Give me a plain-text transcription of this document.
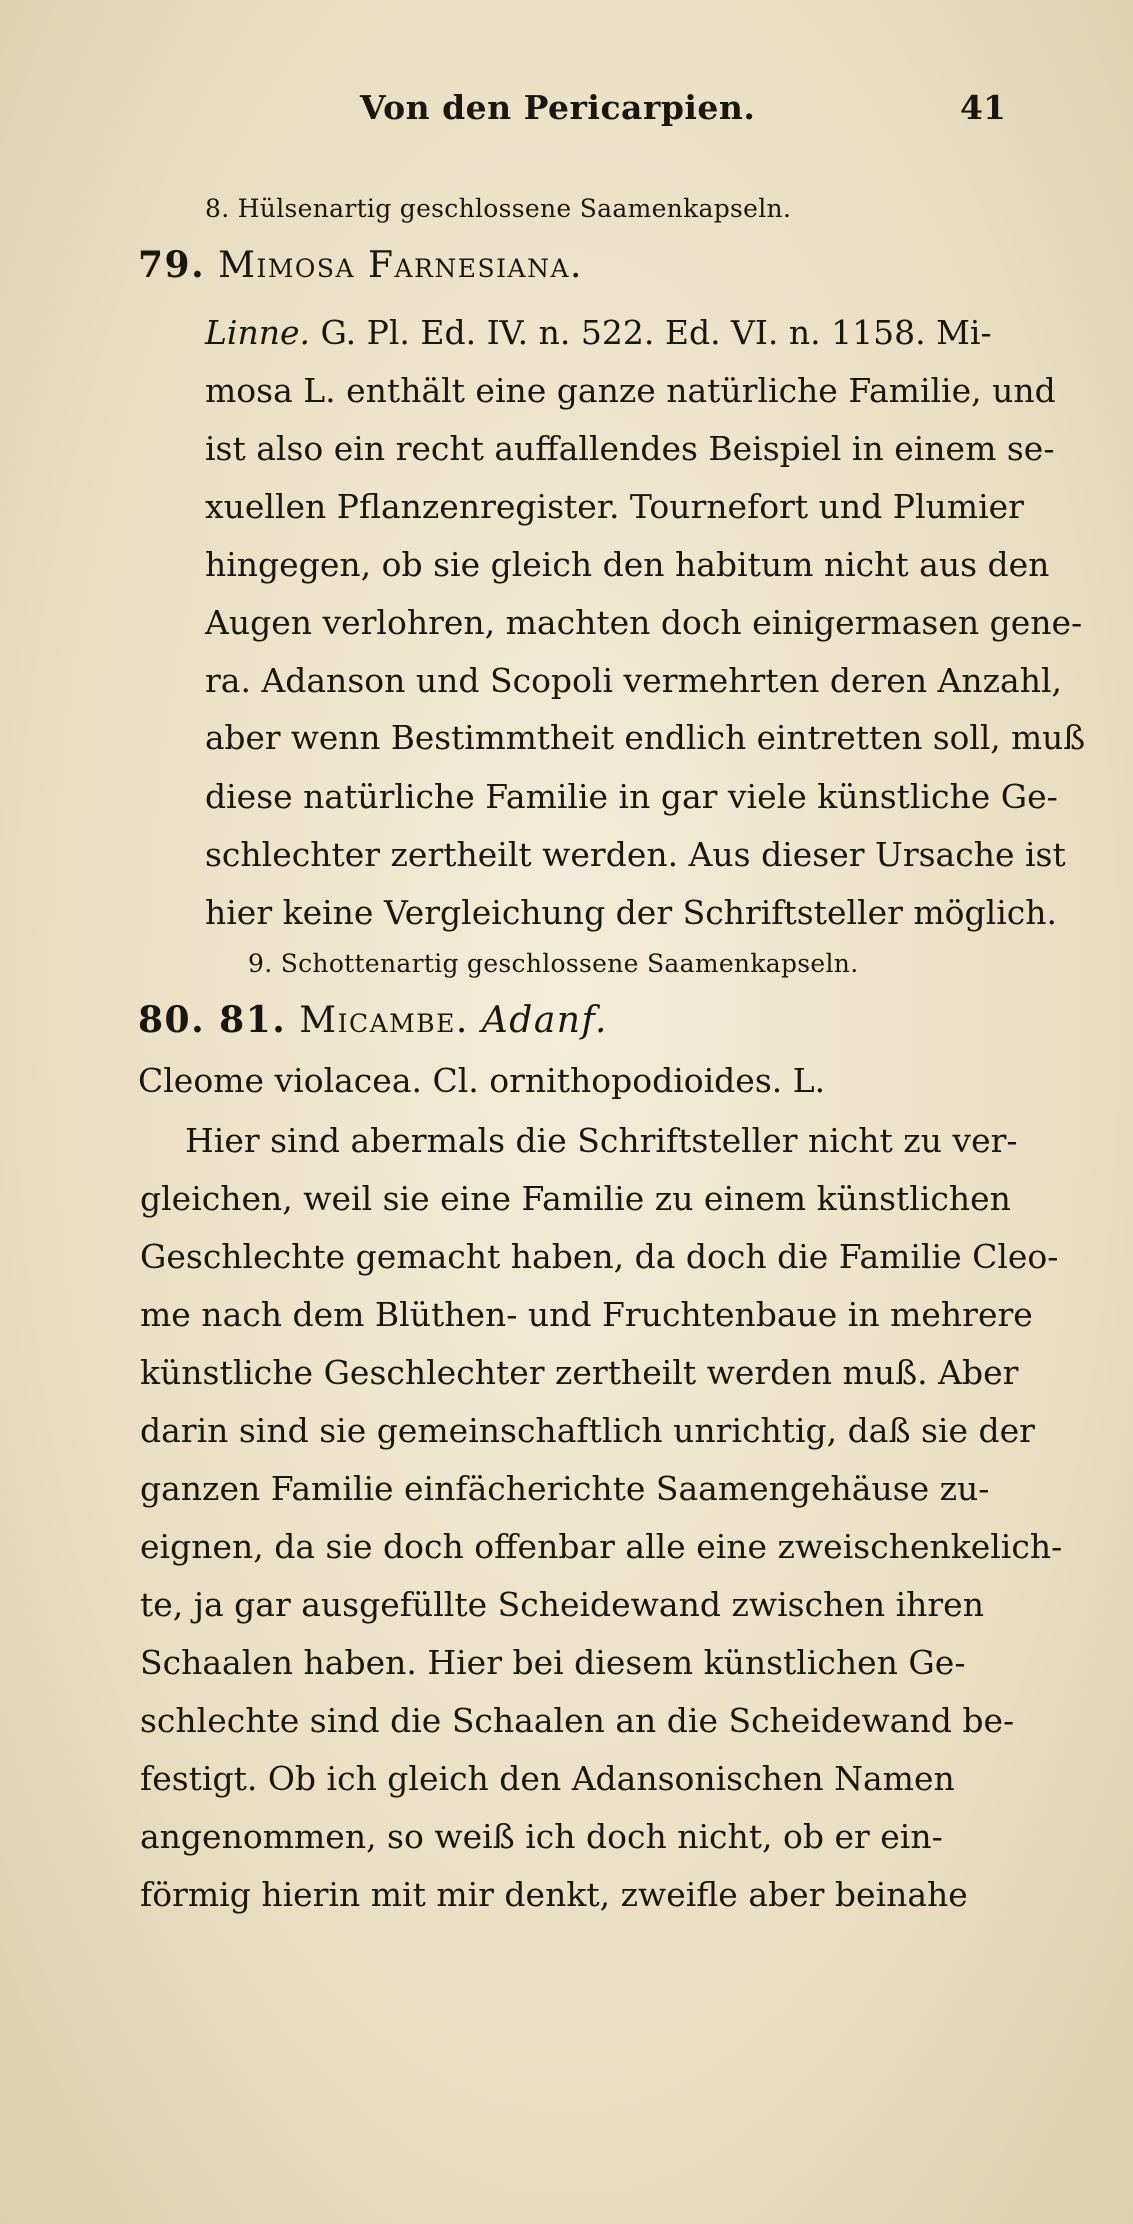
Von den Pericarpien.	41
8. Hülsenartig geschlossene Saamenkapseln.
79. Mimosa Farnesiana.
Linne. G. Pl. Ed. IV. n. 522. Ed. VI. n. 1158. Mi-
mosa L. enthält eine ganze natürliche Familie, und
ist also ein recht auffallendes Beispiel in einem se-
xuellen Pflanzenregister. Tournefort und Plumier
hingegen, ob sie gleich den habitum nicht aus den
Augen verlohren, machten doch einigermasen gene-
ra. Adanson und Scopoli vermehrten deren Anzahl,
aber wenn Bestimmtheit endlich eintretten soll, muß
diese natürliche Familie in gar viele künstliche Ge-
schlechter zertheilt werden. Aus dieser Ursache ist
hier keine Vergleichung der Schriftsteller möglich.
9. Schottenartig geschlossene Saamenkapseln.
80. 81. Micambe. Adanf.
Cleome violacea. Cl. ornithopodioides. L.
Hier sind abermals die Schriftsteller nicht zu ver-
gleichen, weil sie eine Familie zu einem künstlichen
Geschlechte gemacht haben, da doch die Familie Cleo-
me nach dem Blüthen- und Fruchtenbaue in mehrere
künstliche Geschlechter zertheilt werden muß. Aber
darin sind sie gemeinschaftlich unrichtig, daß sie der
ganzen Familie einfächerichte Saamengehäuse zu-
eignen, da sie doch offenbar alle eine zweischenkelich-
te, ja gar ausgefüllte Scheidewand zwischen ihren
Schaalen haben. Hier bei diesem künstlichen Ge-
schlechte sind die Schaalen an die Scheidewand be-
festigt. Ob ich gleich den Adansonischen Namen
angenommen, so weiß ich doch nicht, ob er ein-
förmig hierin mit mir denkt, zweifle aber beinahe
